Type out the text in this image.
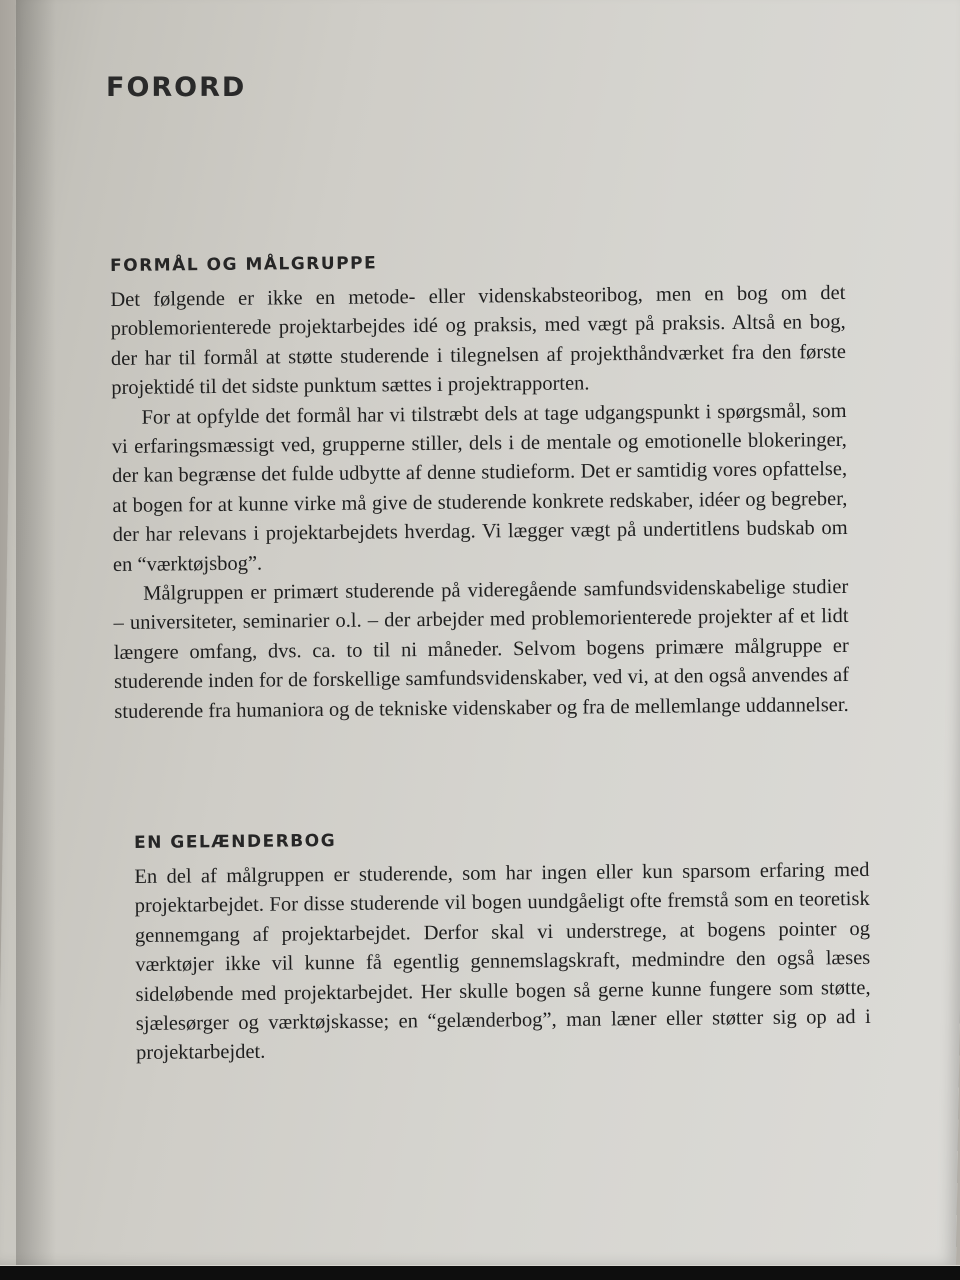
FORORD
FORMÅL OG MÅLGRUPPE

Det følgende er ikke en metode- eller videnskabsteoribog, men en bog om det problemorienterede projektarbejdes idé og praksis, med vægt på praksis. Altså en bog, der har til formål at støtte studerende i tilegnelsen af projekthåndværket fra den første projektidé til det sidste punktum sættes i projektrapporten.

For at opfylde det formål har vi tilstræbt dels at tage udgangspunkt i spørgsmål, som vi erfaringsmæssigt ved, grupperne stiller, dels i de mentale og emotionelle blokeringer, der kan begrænse det fulde udbytte af denne studieform. Det er samtidig vores opfattelse, at bogen for at kunne virke må give de studerende konkrete redskaber, idéer og begreber, der har relevans i projektarbejdets hverdag. Vi lægger vægt på undertitlens budskab om en “værktøjsbog”.

Målgruppen er primært studerende på videregående samfundsvidenskabelige studier – universiteter, seminarier o.l. – der arbejder med problemorienterede projekter af et lidt længere omfang, dvs. ca. to til ni måneder. Selvom bogens primære målgruppe er studerende inden for de forskellige samfundsvidenskaber, ved vi, at den også anvendes af studerende fra humaniora og de tekniske videnskaber og fra de mellemlange uddannelser.

EN GELÆNDERBOG

En del af målgruppen er studerende, som har ingen eller kun sparsom erfaring med projektarbejdet. For disse studerende vil bogen uundgåeligt ofte fremstå som en teoretisk gennemgang af projektarbejdet. Derfor skal vi understrege, at bogens pointer og værktøjer ikke vil kunne få egentlig gennemslagskraft, medmindre den også læses sideløbende med projektarbejdet. Her skulle bogen så gerne kunne fungere som støtte, sjælesørger og værktøjskasse; en “gelænderbog”, man læner eller støtter sig op ad i projektarbejdet.
